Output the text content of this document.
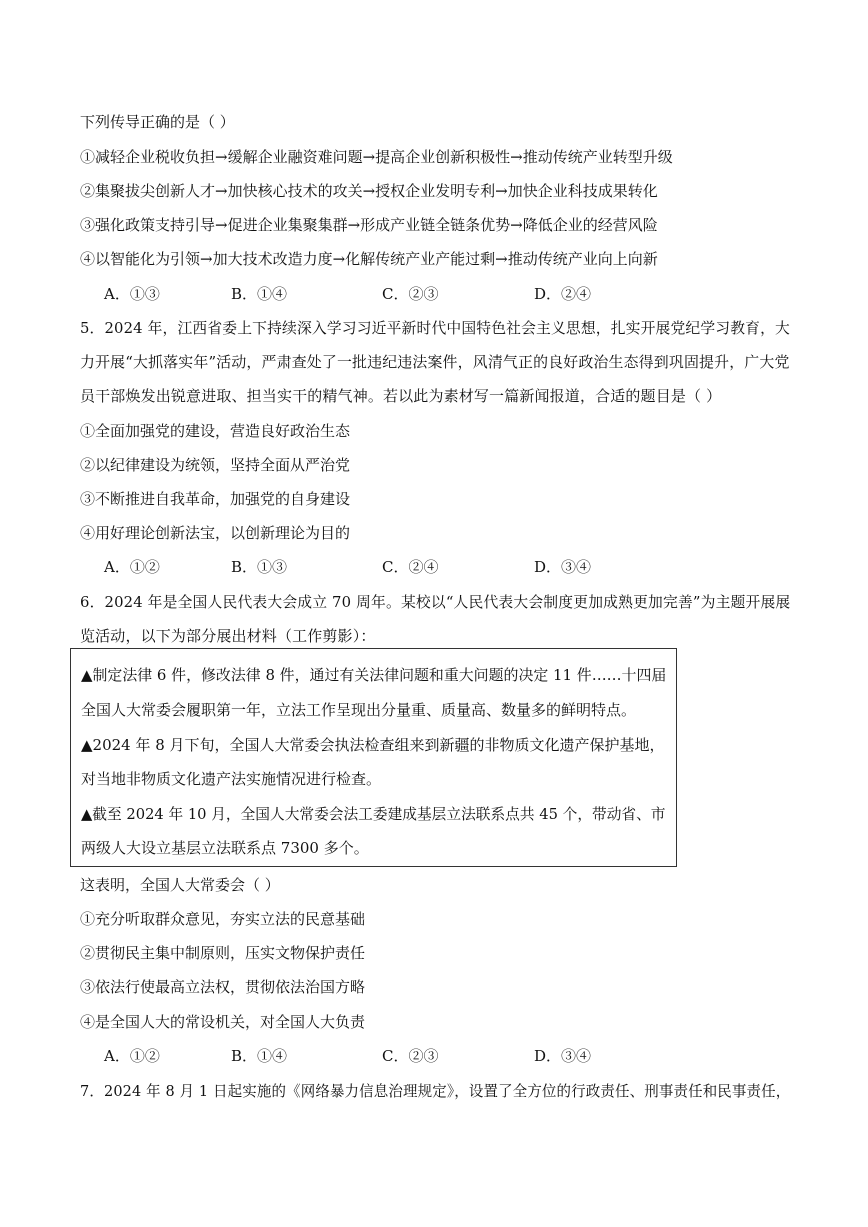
下列传导正确的是（ ）
①减轻企业税收负担→缓解企业融资难问题→提高企业创新积极性→推动传统产业转型升级
②集聚拔尖创新人才→加快核心技术的攻关→授权企业发明专利→加快企业科技成果转化
③强化政策支持引导→促进企业集聚集群→形成产业链全链条优势→降低企业的经营风险
④以智能化为引领→加大技术改造力度→化解传统产业产能过剩→推动传统产业向上向新
A．①③	B．①④	C．②③	D．②④
5．2024 年，江西省委上下持续深入学习习近平新时代中国特色社会主义思想，扎实开展党纪学习教育，大
力开展“大抓落实年”活动，严肃查处了一批违纪违法案件，风清气正的良好政治生态得到巩固提升，广大党
员干部焕发出锐意进取、担当实干的精气神。若以此为素材写一篇新闻报道，合适的题目是（ ）
①全面加强党的建设，营造良好政治生态
②以纪律建设为统领，坚持全面从严治党
③不断推进自我革命，加强党的自身建设
④用好理论创新法宝，以创新理论为目的
A．①②	B．①③	C．②④	D．③④
6．2024 年是全国人民代表大会成立 70 周年。某校以“人民代表大会制度更加成熟更加完善”为主题开展展
览活动，以下为部分展出材料（工作剪影）：
▲制定法律 6 件，修改法律 8 件，通过有关法律问题和重大问题的决定 11 件……十四届
全国人大常委会履职第一年，立法工作呈现出分量重、质量高、数量多的鲜明特点。
▲2024 年 8 月下旬，全国人大常委会执法检查组来到新疆的非物质文化遗产保护基地，
对当地非物质文化遗产法实施情况进行检查。
▲截至 2024 年 10 月，全国人大常委会法工委建成基层立法联系点共 45 个，带动省、市
两级人大设立基层立法联系点 7300 多个。
这表明，全国人大常委会（ ）
①充分听取群众意见，夯实立法的民意基础
②贯彻民主集中制原则，压实文物保护责任
③依法行使最高立法权，贯彻依法治国方略
④是全国人大的常设机关，对全国人大负责
A．①②	B．①④	C．②③	D．③④
7．2024 年 8 月 1 日起实施的《网络暴力信息治理规定》，设置了全方位的行政责任、刑事责任和民事责任，
